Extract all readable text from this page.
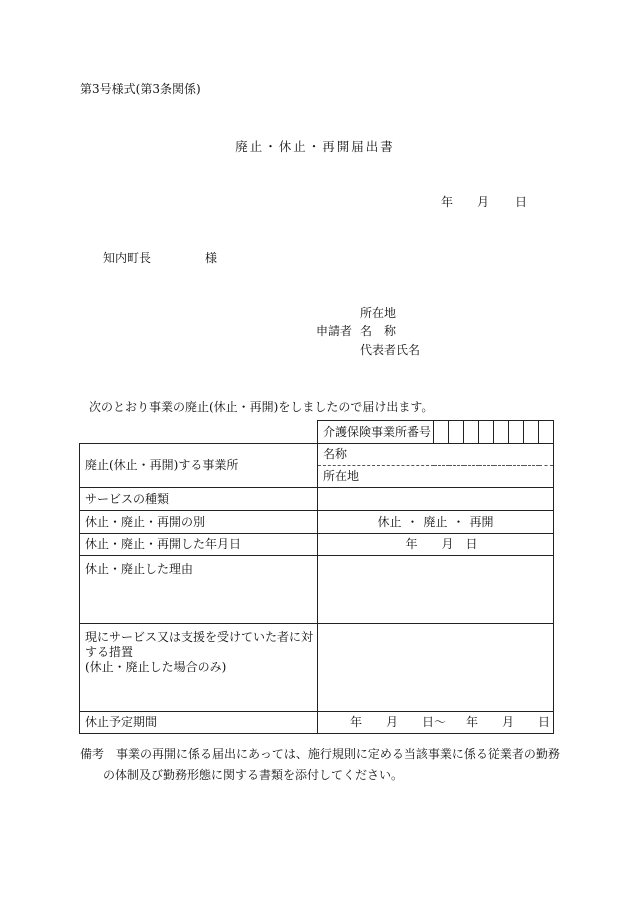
第3号様式(第3条関係)
廃止・休止・再開届出書
年 月 日
知内町長	様
申請者
所在地
名　称
代表者氏名
次のとおり事業の廃止(休止・再開)をしましたので届け出ます。
	介護保険事業所番号								
廃止(休止・再開)する事業所	名称								
	所在地								
サービスの種類									
休止・廃止・再開の別	休止 ・ 廃止 ・ 再開								
休止・廃止・再開した年月日	年 月 日								
休止・廃止した理由									

現にサービス又は支援を受けていた者に対
する措置
(休止・廃止した場合のみ)									

休止予定期間	年 月 日〜 年 月 日								
備考　事業の再開に係る届出にあっては、施行規則に定める当該事業に係る従業者の勤務
の体制及び勤務形態に関する書類を添付してください。
